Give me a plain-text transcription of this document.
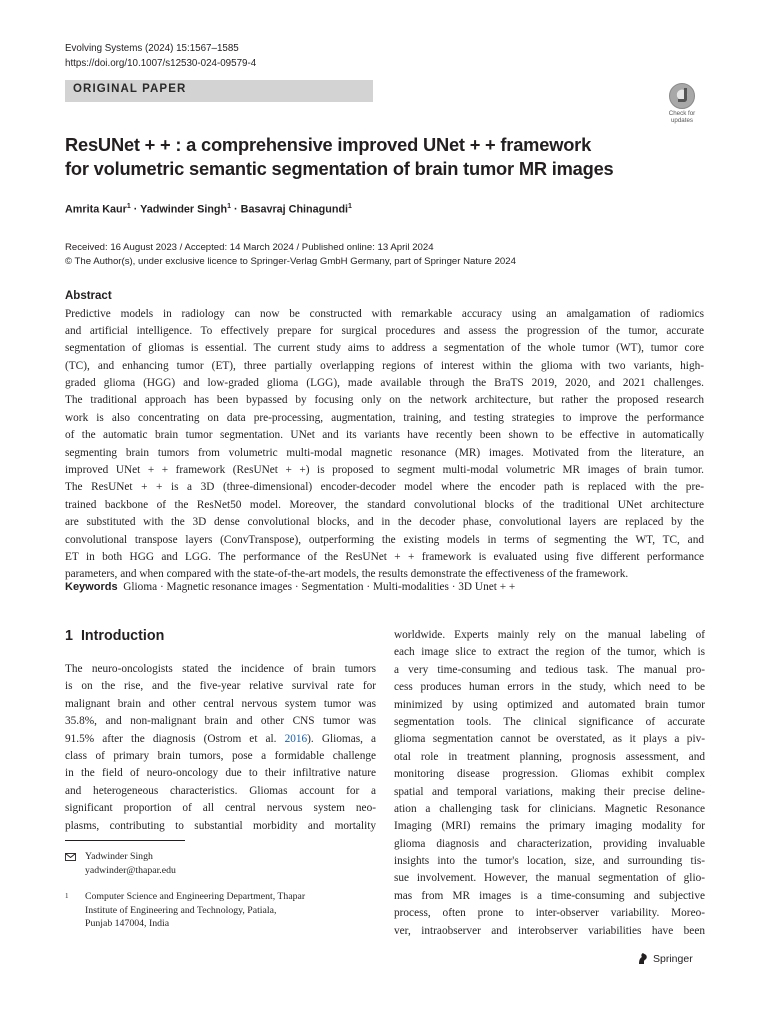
Evolving Systems (2024) 15:1567–1585
https://doi.org/10.1007/s12530-024-09579-4
ORIGINAL PAPER
Check for updates
ResUNet + + : a comprehensive improved UNet + + framework
for volumetric semantic segmentation of brain tumor MR images
Amrita Kaur$^1$ · Yadwinder Singh$^1$ · Basavraj Chinagundi$^1$
Received: 16 August 2023 / Accepted: 14 March 2024 / Published online: 13 April 2024
© The Author(s), under exclusive licence to Springer-Verlag GmbH Germany, part of Springer Nature 2024
Abstract
Predictive models in radiology can now be constructed with remarkable accuracy using an amalgamation of radiomics
and artificial intelligence. To effectively prepare for surgical procedures and assess the progression of the tumor, accurate
segmentation of gliomas is essential. The current study aims to address a segmentation of the whole tumor (WT), tumor core
(TC), and enhancing tumor (ET), three partially overlapping regions of interest within the glioma with two variants, high-
graded glioma (HGG) and low-graded glioma (LGG), made available through the BraTS 2019, 2020, and 2021 challenges.
The traditional approach has been bypassed by focusing only on the network architecture, but rather the proposed research
work is also concentrating on data pre-processing, augmentation, training, and testing strategies to improve the performance
of the automatic brain tumor segmentation. UNet and its variants have recently been shown to be effective in automatically
segmenting brain tumors from volumetric multi-modal magnetic resonance (MR) images. Motivated from the literature, an
improved UNet + + framework (ResUNet + +) is proposed to segment multi-modal volumetric MR images of brain tumor.
The ResUNet + + is a 3D (three-dimensional) encoder-decoder model where the encoder path is replaced with the pre-
trained backbone of the ResNet50 model. Moreover, the standard convolutional blocks of the traditional UNet architecture
are substituted with the 3D dense convolutional blocks, and in the decoder phase, convolutional layers are replaced by the
convolutional transpose layers (ConvTranspose), outperforming the existing models in terms of segmenting the WT, TC, and
ET in both HGG and LGG. The performance of the ResUNet + + framework is evaluated using five different performance
parameters, and when compared with the state-of-the-art models, the results demonstrate the effectiveness of the framework.
Keywords Glioma · Magnetic resonance images · Segmentation · Multi-modalities · 3D Unet + +
1 Introduction
The neuro-oncologists stated the incidence of brain tumors
is on the rise, and the five-year relative survival rate for
malignant brain and other central nervous system tumor was
35.8%, and non-malignant brain and other CNS tumor was
91.5% after the diagnosis (Ostrom et al. 2016). Gliomas, a
class of primary brain tumors, pose a formidable challenge
in the field of neuro-oncology due to their infiltrative nature
and heterogeneous characteristics. Gliomas account for a
significant proportion of all central nervous system neo-
plasms, contributing to substantial morbidity and mortality
worldwide. Experts mainly rely on the manual labeling of
each image slice to extract the region of the tumor, which is
a very time-consuming and tedious task. The manual pro-
cess produces human errors in the study, which need to be
minimized by using optimized and automated brain tumor
segmentation tools. The clinical significance of accurate
glioma segmentation cannot be overstated, as it plays a piv-
otal role in treatment planning, prognosis assessment, and
monitoring disease progression. Gliomas exhibit complex
spatial and temporal variations, making their precise deline-
ation a challenging task for clinicians. Magnetic Resonance
Imaging (MRI) remains the primary imaging modality for
glioma diagnosis and characterization, providing invaluable
insights into the tumor's location, size, and surrounding tis-
sue involvement. However, the manual segmentation of glio-
mas from MR images is a time-consuming and subjective
process, often prone to inter-observer variability. Moreo-
ver, intraobserver and interobserver variabilities have been
Yadwinder Singh
yadwinder@thapar.edu
$^1$	Computer Science and Engineering Department, Thapar
Institute of Engineering and Technology, Patiala,
Punjab 147004, India
Springer
